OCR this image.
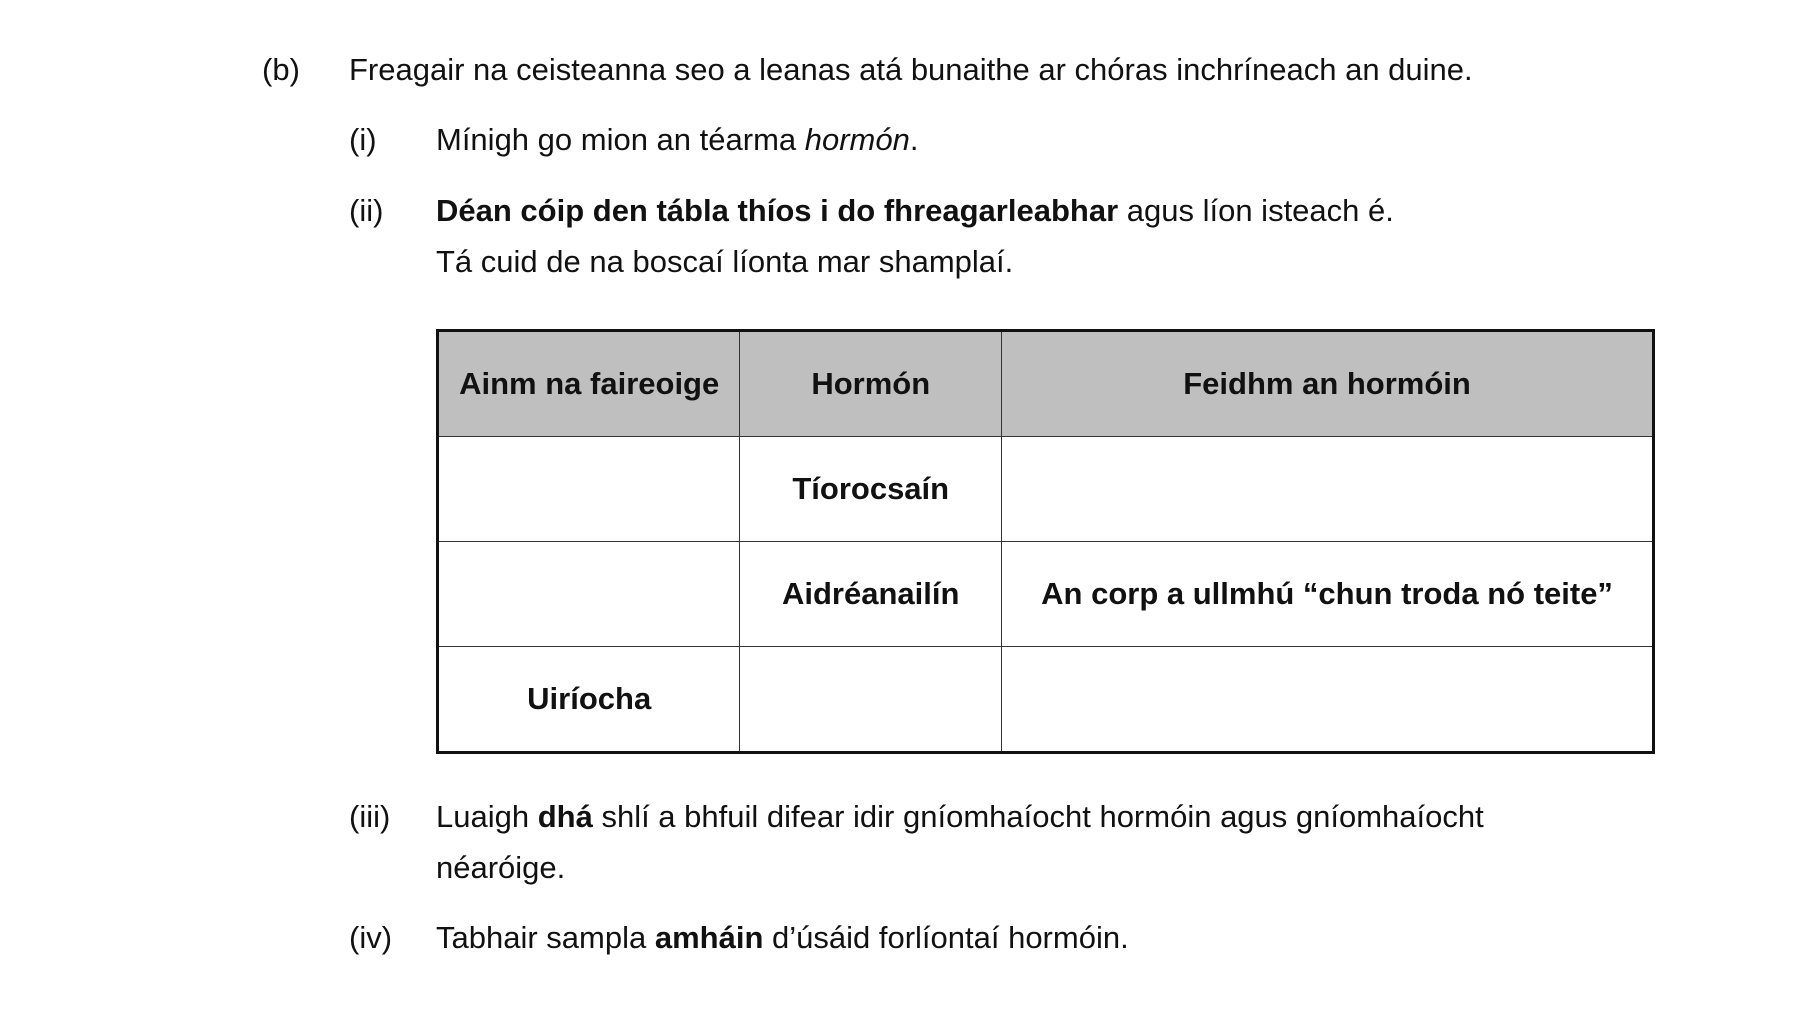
(b) Freagair na ceisteanna seo a leanas atá bunaithe ar chóras inchríneach an duine.
(i) Mínigh go mion an téarma hormón.
(ii) Déan cóip den tábla thíos i do fhreagarleabhar agus líon isteach é.
Tá cuid de na boscaí líonta mar shamplaí.
Ainm na faireoige	Hormón	Feidhm an hormóin
	Tíorocsaín	
	Aidréanailín	An corp a ullmhú “chun troda nó teite”
Uiríocha		
(iii) Luaigh dhá shlí a bhfuil difear idir gníomhaíocht hormóin agus gníomhaíocht
néaróige.
(iv) Tabhair sampla amháin d’úsáid forlíontaí hormóin.
